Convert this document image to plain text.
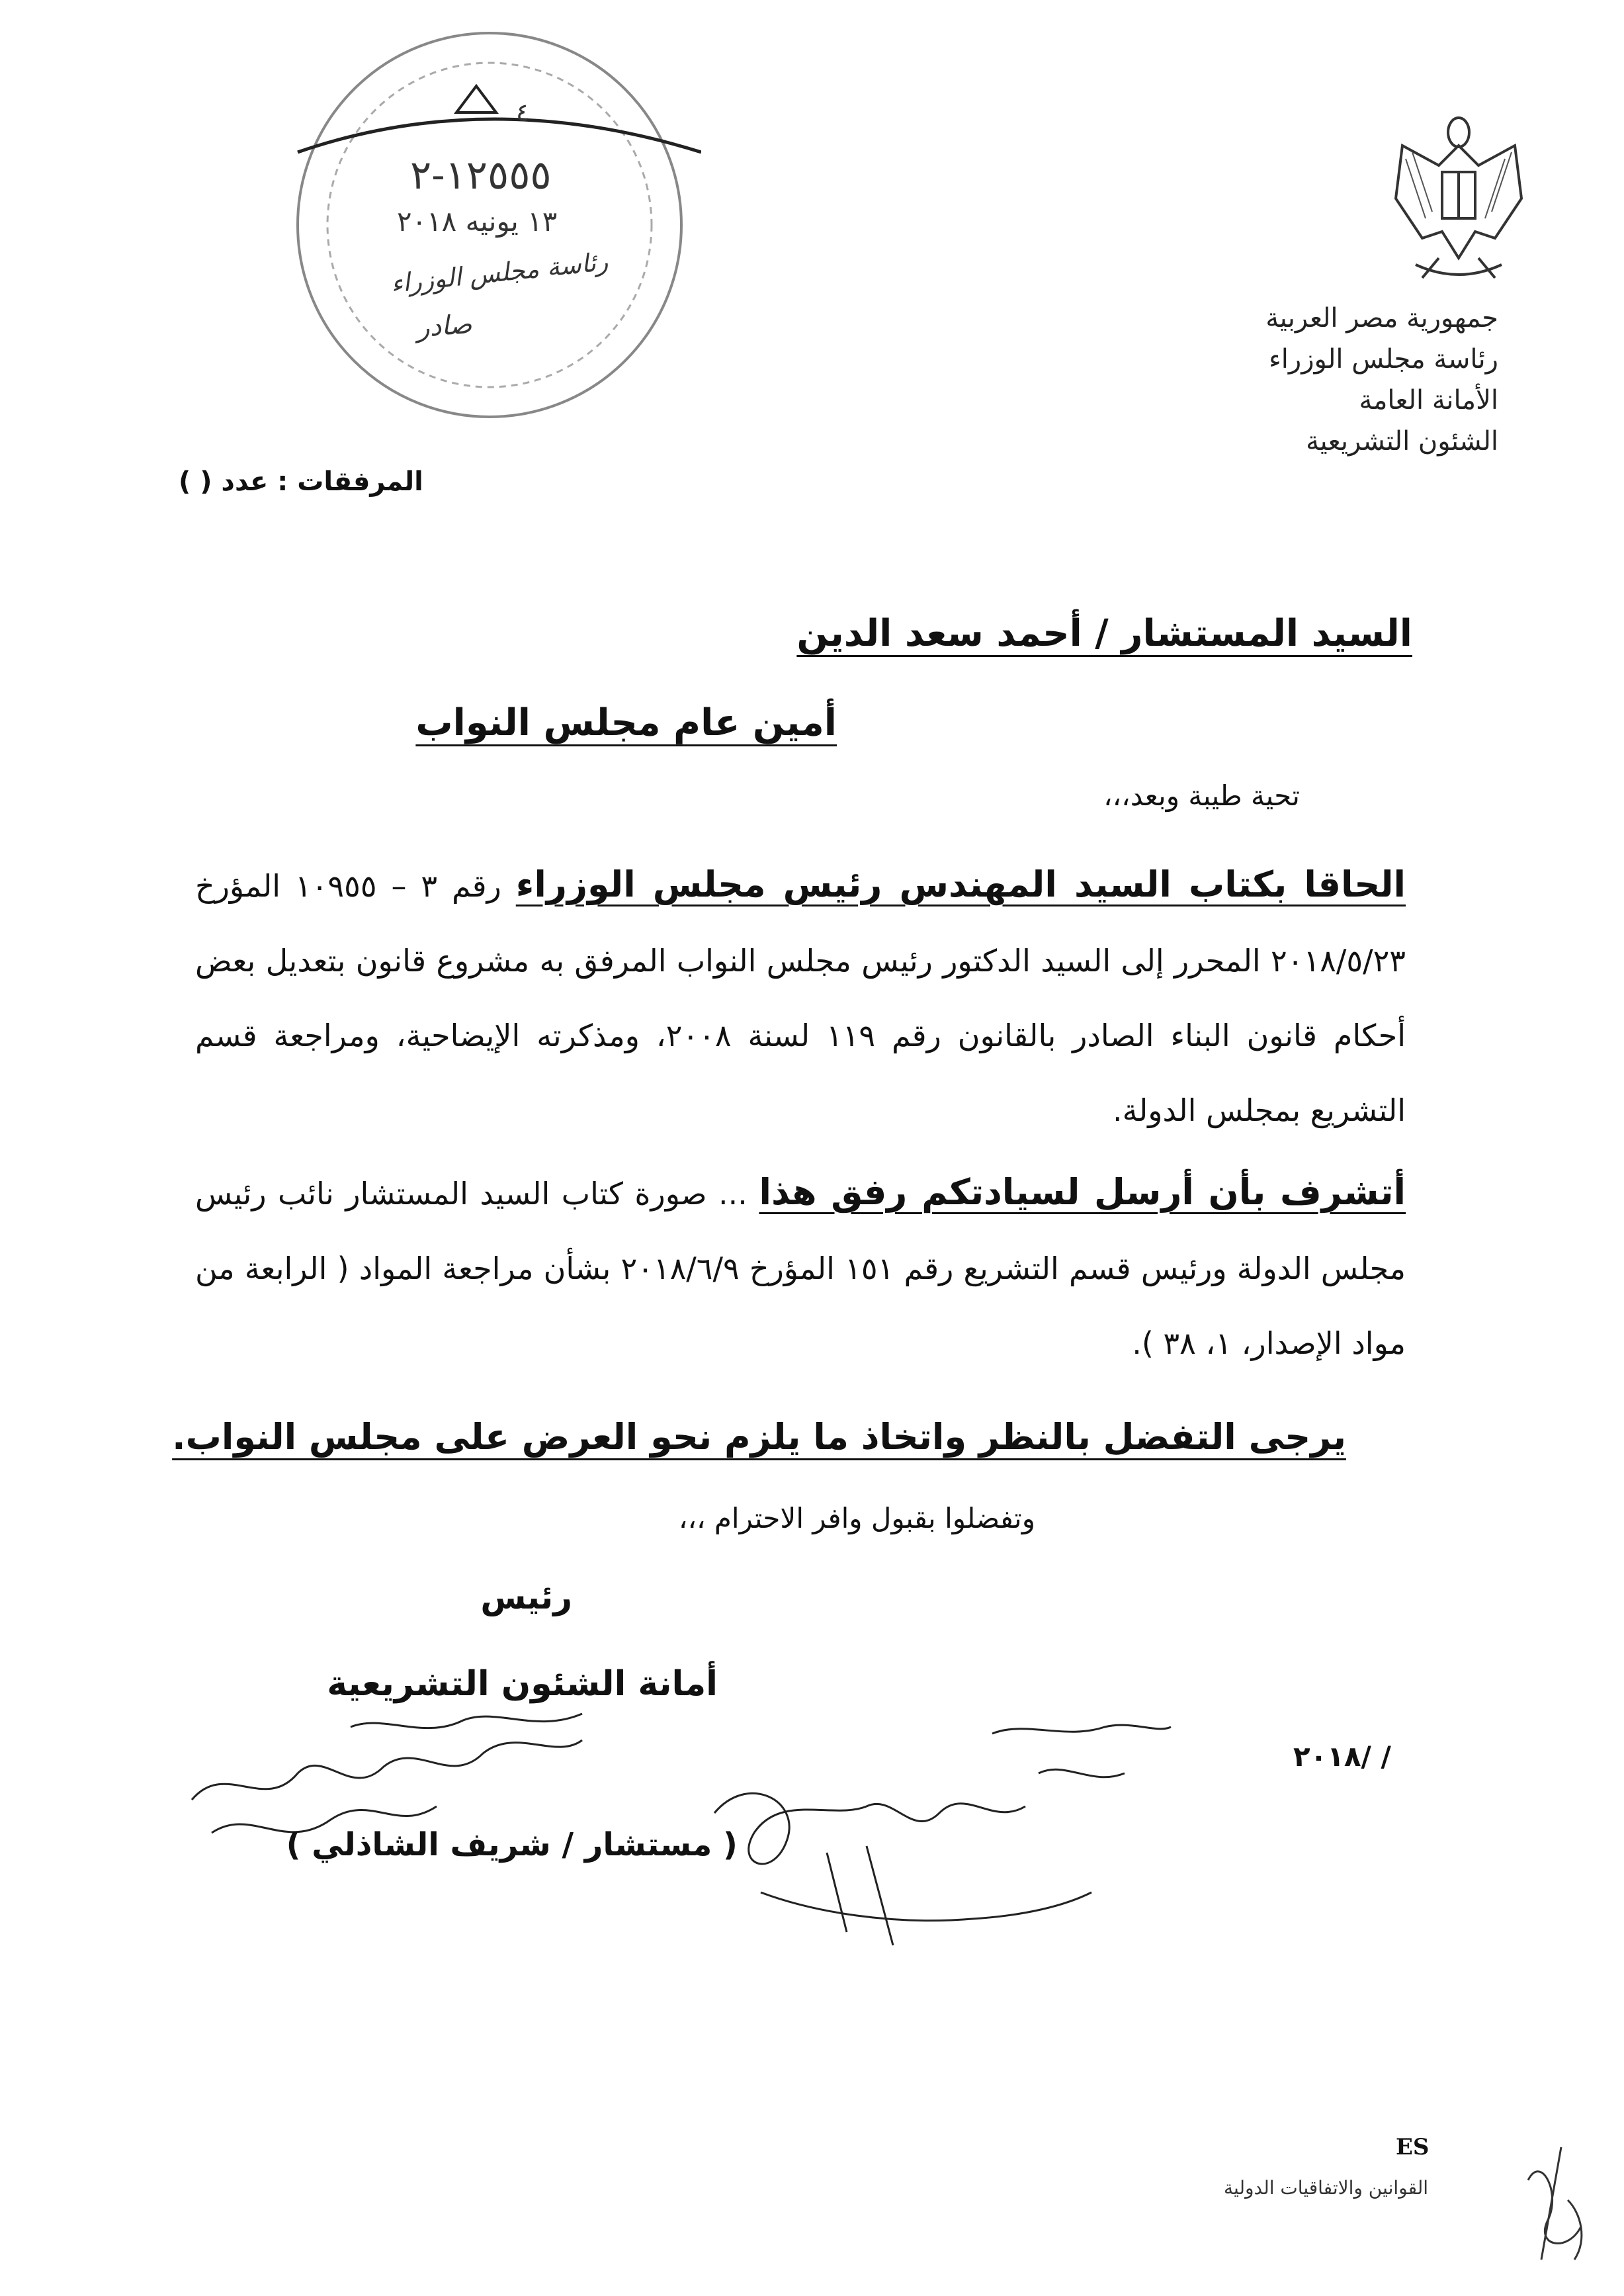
جمهورية مصر العربية
رئاسة مجلس الوزراء
الأمانة العامة
الشئون التشريعية
٤
١٢٥٥٥-٢
١٣ يونيه ٢٠١٨
رئاسة مجلس الوزراء
صادر
المرفقات : عدد ( )
السيد المستشار / أحمد سعد الدين
أمين عام مجلس النواب
تحية طيبة وبعد،،،
الحاقا بكتاب السيد المهندس رئيس مجلس الوزراء رقم ٣ – ١٠٩٥٥ المؤرخ ٢٠١٨/٥/٢٣ المحرر إلى السيد الدكتور رئيس مجلس النواب المرفق به مشروع قانون بتعديل بعض أحكام قانون البناء الصادر بالقانون رقم ١١٩ لسنة ٢٠٠٨، ومذكرته الإيضاحية، ومراجعة قسم التشريع بمجلس الدولة.
أتشرف بأن أرسل لسيادتكم رفق هذا ... صورة كتاب السيد المستشار نائب رئيس مجلس الدولة ورئيس قسم التشريع رقم ١٥١ المؤرخ ٢٠١٨/٦/٩ بشأن مراجعة المواد ( الرابعة من مواد الإصدار، ١، ٣٨ ).
يرجى التفضل بالنظر واتخاذ ما يلزم نحو العرض على مجلس النواب.
وتفضلوا بقبول وافر الاحترام ،،،
رئيس
أمانة الشئون التشريعية
( مستشار / شريف الشاذلي )
/ /٢٠١٨
ES
القوانين والاتفاقيات الدولية
